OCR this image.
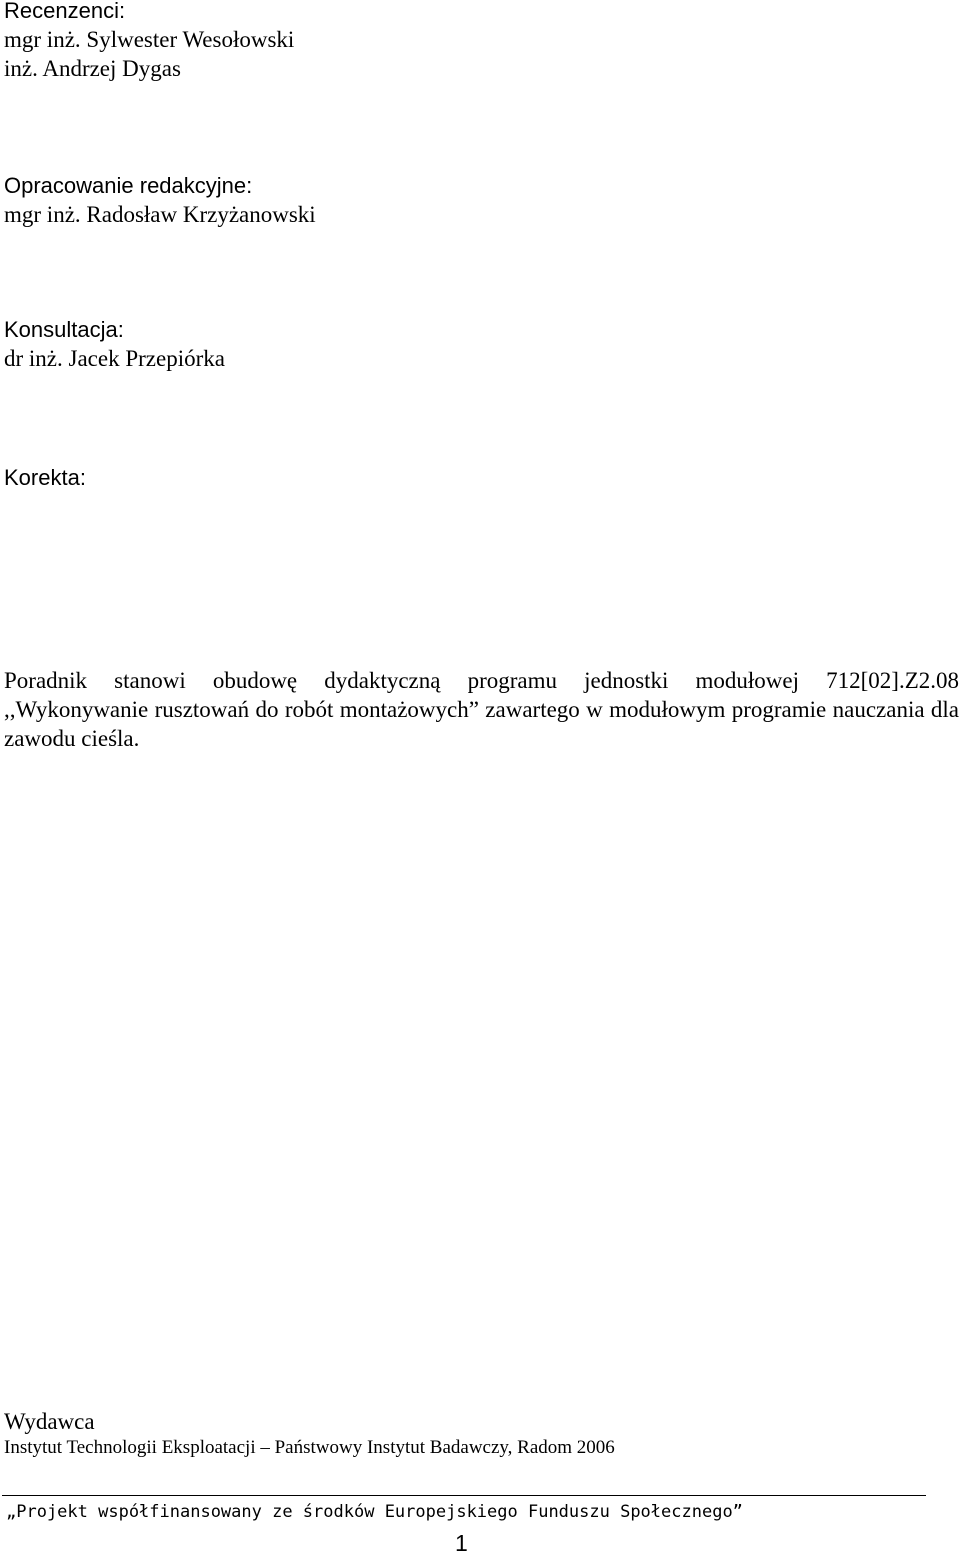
Recenzenci:
mgr inż. Sylwester Wesołowski
inż. Andrzej Dygas
Opracowanie redakcyjne:
mgr inż. Radosław Krzyżanowski
Konsultacja:
dr inż. Jacek Przepiórka
Korekta:

Poradnik stanowi obudowę dydaktyczną programu jednostki modułowej 712[02].Z2.08 ,,Wykonywanie rusztowań do robót montażowych” zawartego w modułowym programie nauczania dla zawodu cieśla.

Wydawca
Instytut Technologii Eksploatacji – Państwowy Instytut Badawczy, Radom 2006
„Projekt współfinansowany ze środków Europejskiego Funduszu Społecznego”
1
